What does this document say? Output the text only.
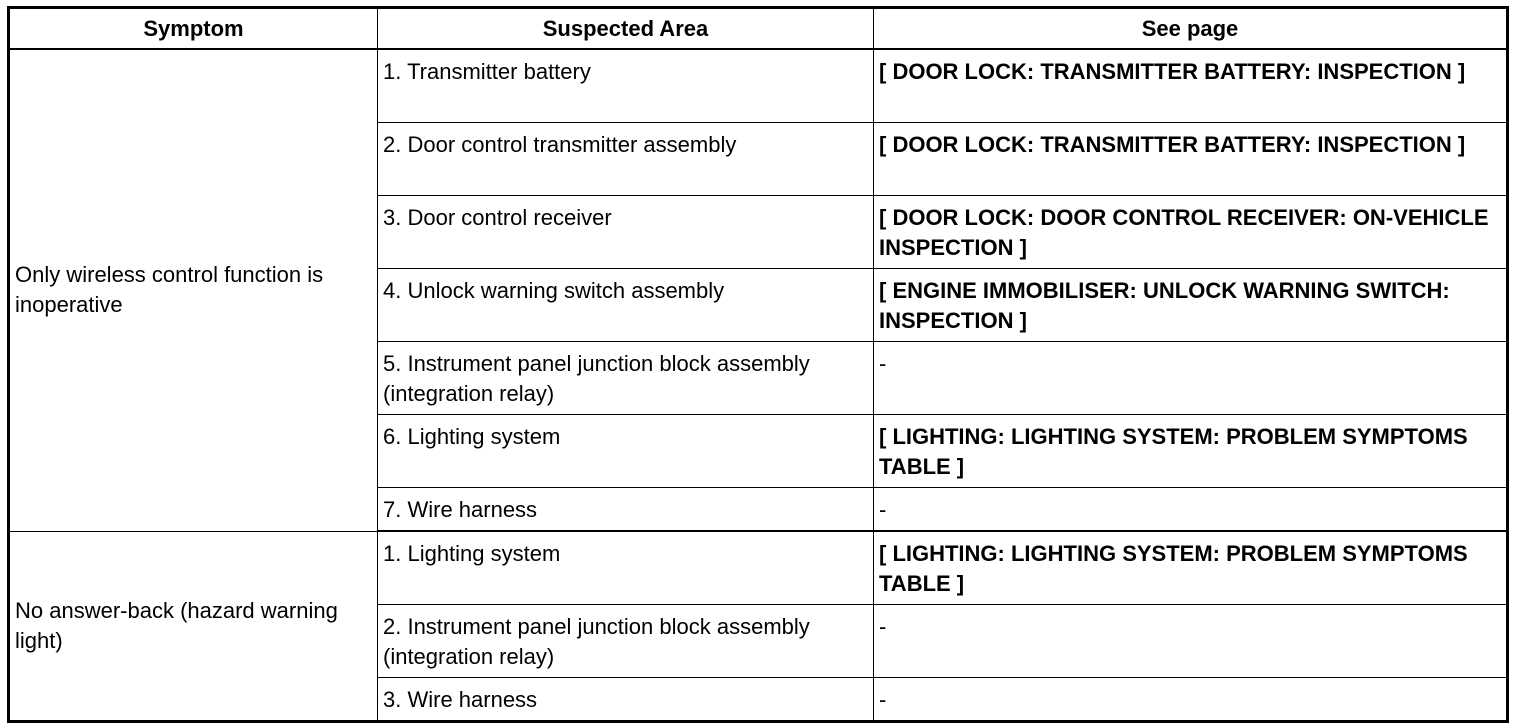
Symptom	Suspected Area	See page
Only wireless control function is inoperative	1. Transmitter battery	[ DOOR LOCK: TRANSMITTER BATTERY: INSPECTION ]
	2. Door control transmitter assembly	[ DOOR LOCK: TRANSMITTER BATTERY: INSPECTION ]
	3. Door control receiver	[ DOOR LOCK: DOOR CONTROL RECEIVER: ON-VEHICLE INSPECTION ]
	4. Unlock warning switch assembly	[ ENGINE IMMOBILISER: UNLOCK WARNING SWITCH: INSPECTION ]
	5. Instrument panel junction block assembly (integration relay)	-
	6. Lighting system	[ LIGHTING: LIGHTING SYSTEM: PROBLEM SYMPTOMS TABLE ]
	7. Wire harness	-
No answer-back (hazard warning light)	1. Lighting system	[ LIGHTING: LIGHTING SYSTEM: PROBLEM SYMPTOMS TABLE ]
	2. Instrument panel junction block assembly (integration relay)	-
	3. Wire harness	-
